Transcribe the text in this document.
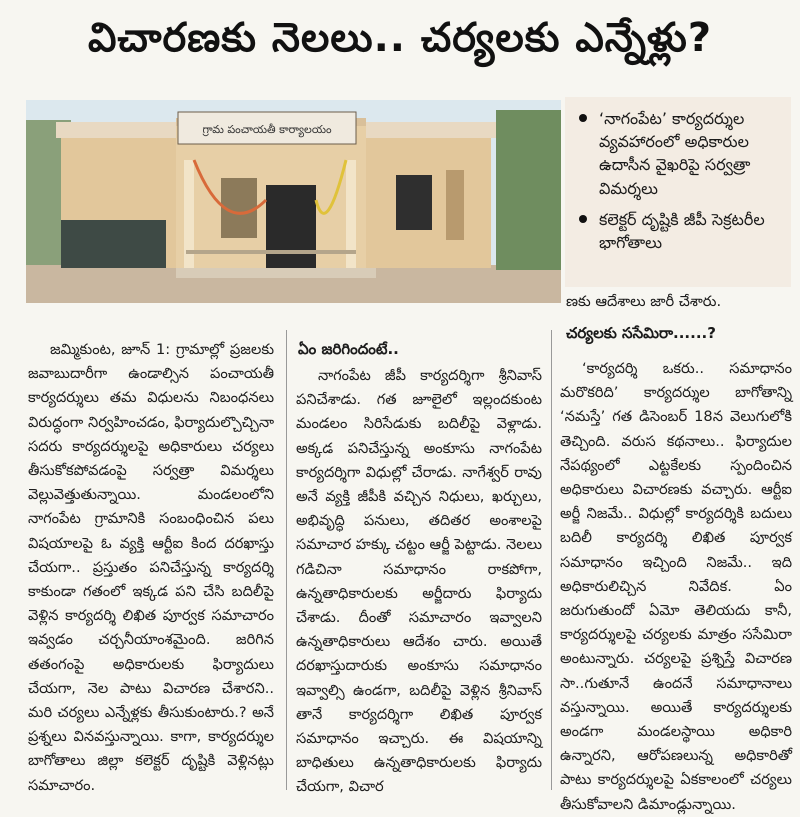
విచారణకు నెలలు.. చర్యలకు ఎన్నేళ్లు?
గ్రామ పంచాయతీ కార్యాలయం
‘నాగంపేట’ కార్యదర్శుల వ్యవహారంలో అధికారుల ఉదాసీన వైఖరిపై సర్వత్రా విమర్శలు
కలెక్టర్ దృష్టికి జీపీ సెక్రటరీల భాగోతాలు

జమ్మికుంట, జూన్ 1: గ్రామాల్లో ప్రజలకు జవాబుదారీగా ఉండాల్సిన పంచాయతీ కార్యదర్శులు తమ విధులను నిబంధనలు విరుద్ధంగా నిర్వహించడం, ఫిర్యాదుల్చొచ్చినా సదరు కార్యదర్శులపై అధికారులు చర్యలు తీసుకోకపోవడంపై సర్వత్రా విమర్శలు వెల్లువెత్తుతున్నాయి. మండలంలోని నాగంపేట గ్రామానికి సంబంధించిన పలు విషయాలపై ఓ వ్యక్తి ఆర్టీఐ కింద దరఖాస్తు చేయగా.. ప్రస్తుతం పనిచేస్తున్న కార్యదర్శి కాకుండా గతంలో ఇక్కడ పని చేసి బదిలీపై వెళ్లిన కార్యదర్శి లిఖిత పూర్వక సమాచారం ఇవ్వడం చర్చనీయాంశమైంది. జరిగిన తతంగంపై అధికారులకు ఫిర్యాదులు చేయగా, నెల పాటు విచారణ చేశారని.. మరి చర్యలు ఎన్నేళ్లకు తీసుకుంటారు.? అనే ప్రశ్నలు వినవస్తున్నాయి. కాగా, కార్యదర్శుల బాగోతాలు జిల్లా కలెక్టర్ దృష్టికి వెళ్లినట్లు సమాచారం.

ఏం జరిగిందంటే..

నాగంపేట జీపీ కార్యదర్శిగా శ్రీనివాస్ పనిచేశాడు. గత జూలైలో ఇల్లందకుంట మండలం సిరిసేడుకు బదిలీపై వెళ్లాడు. అక్కడ పనిచేస్తున్న అంకూసు నాగంపేట కార్యదర్శిగా విధుల్లో చేరాడు. నాగేశ్వర్ రావు అనే వ్యక్తి జీపీకి వచ్చిన నిధులు, ఖర్చులు, అభివృద్ధి పనులు, తదితర అంశాలపై సమాచార హక్కు చట్టం ఆర్జీ పెట్టాడు. నెలలు గడిచినా సమాధానం రాకపోగా, ఉన్నతాధికారులకు అర్జీదారు ఫిర్యాదు చేశాడు. దీంతో సమాచారం ఇవ్వాలని ఉన్నతాధికారులు ఆదేశం చారు. అయితే దరఖాస్తుదారుకు అంకూసు సమాధానం ఇవ్వాల్సి ఉండగా, బదిలీపై వెళ్లిన శ్రీనివాస్ తానే కార్యదర్శిగా లిఖిత పూర్వక సమాధానం ఇచ్చారు. ఈ విషయాన్ని బాధితులు ఉన్నతాధికారులకు ఫిర్యాదు చేయగా, విచార

ణకు ఆదేశాలు జారీ చేశారు.
చర్యలకు ససేమిరా......?

‘కార్యదర్శి ఒకరు.. సమాధానం మరొకరిది’ కార్యదర్శుల బాగోతాన్ని ‘నమస్తే’ గత డిసెంబర్ 18న వెలుగులోకి తెచ్చింది. వరుస కథనాలు.. ఫిర్యాదుల నేపథ్యంలో ఎట్టకేలకు స్పందించిన అధికారులు విచారణకు వచ్చారు. ఆర్టీఐ అర్జీ నిజమే.. విధుల్లో కార్యదర్శికి బదులు బదిలీ కార్యదర్శి లిఖిత పూర్వక సమాధానం ఇచ్చింది నిజమే.. ఇది అధికారులిచ్చిన నివేదిక. ఏం జరుగుతుందో ఏమో తెలియదు కానీ, కార్యదర్శులపై చర్యలకు మాత్రం ససేమిరా అంటున్నారు. చర్యలపై ప్రశ్నిస్తే విచారణ సా..గుతూనే ఉందనే సమాధానాలు వస్తున్నాయి. అయితే కార్యదర్శులకు అండగా మండలస్థాయి అధికారి ఉన్నారని, ఆరోపణలున్న అధికారితో పాటు కార్యదర్శులపై ఏకకాలంలో చర్యలు తీసుకోవాలని డిమాండ్లున్నాయి.
